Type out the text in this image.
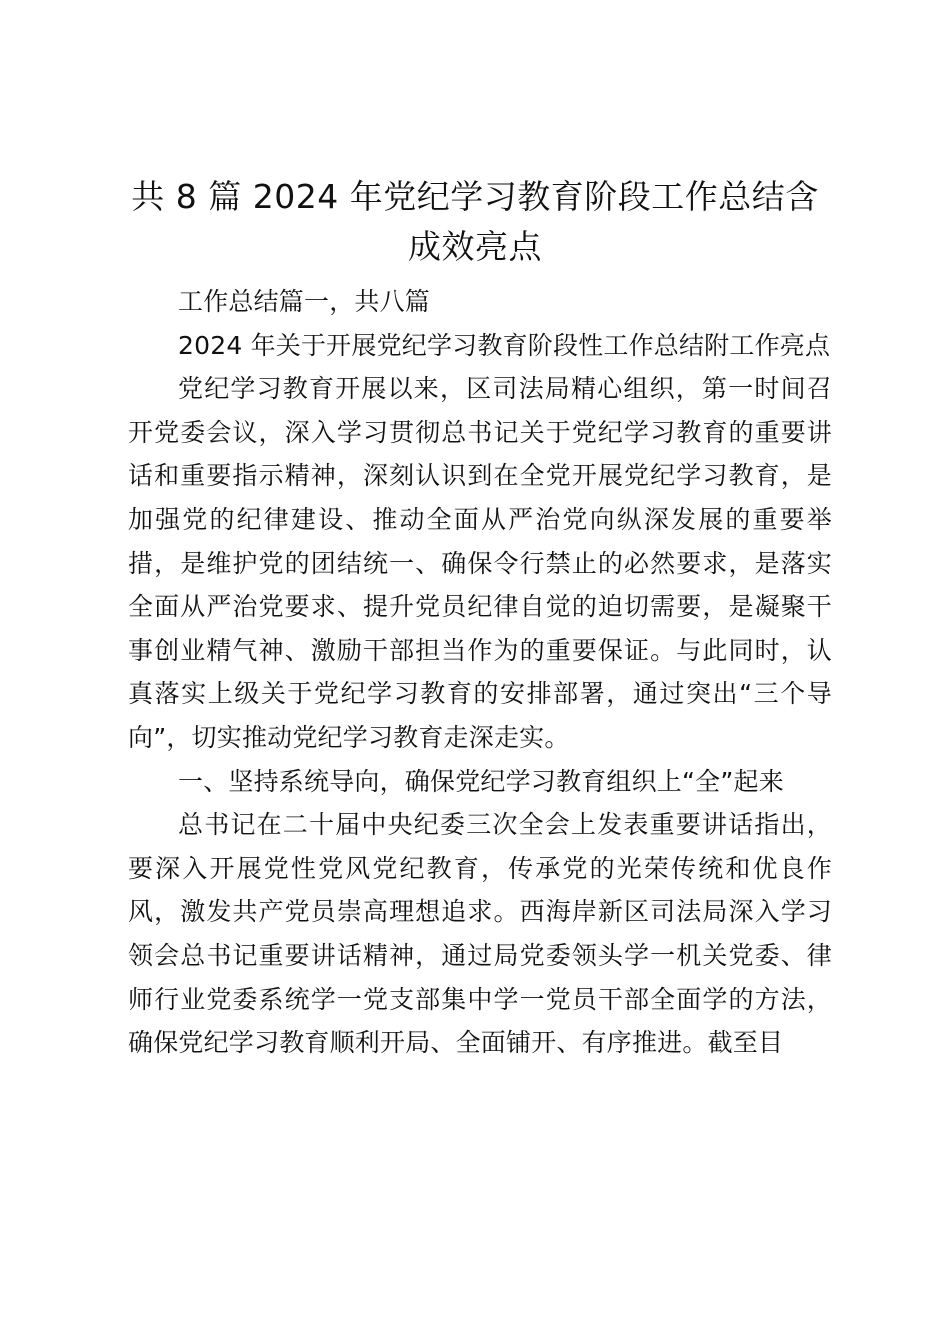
共 8 篇 2024 年党纪学习教育阶段工作总结含成效亮点

工作总结篇一，共八篇

2024 年关于开展党纪学习教育阶段性工作总结附工作亮点

党纪学习教育开展以来，区司法局精心组织，第一时间召开党委会议，深入学习贯彻总书记关于党纪学习教育的重要讲话和重要指示精神，深刻认识到在全党开展党纪学习教育，是加强党的纪律建设、推动全面从严治党向纵深发展的重要举措，是维护党的团结统一、确保令行禁止的必然要求，是落实全面从严治党要求、提升党员纪律自觉的迫切需要，是凝聚干事创业精气神、激励干部担当作为的重要保证。与此同时，认真落实上级关于党纪学习教育的安排部署，通过突出“三个导向”，切实推动党纪学习教育走深走实。

一、坚持系统导向，确保党纪学习教育组织上“全”起来

总书记在二十届中央纪委三次全会上发表重要讲话指出，要深入开展党性党风党纪教育，传承党的光荣传统和优良作风，激发共产党员崇高理想追求。西海岸新区司法局深入学习领会总书记重要讲话精神，通过局党委领头学一机关党委、律师行业党委系统学一党支部集中学一党员干部全面学的方法，确保党纪学习教育顺利开局、全面铺开、有序推进。截至目
